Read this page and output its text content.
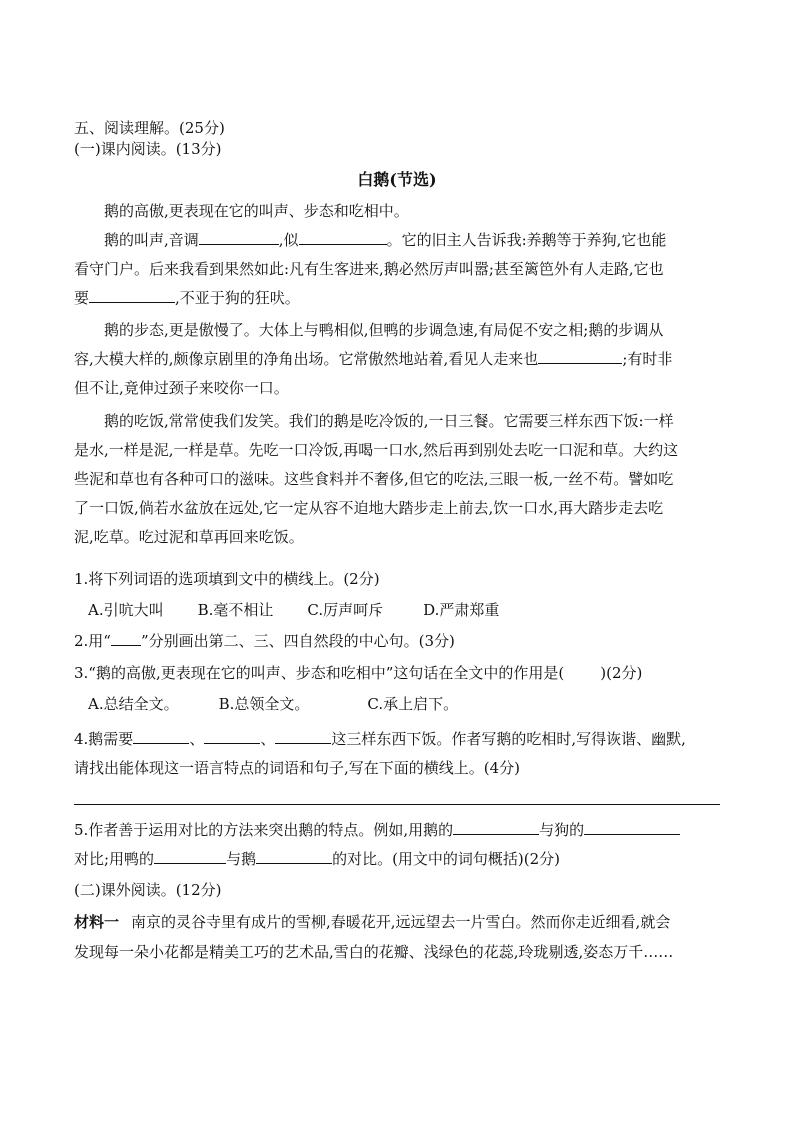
五、阅读理解。(25分)
(一)课内阅读。(13分)
白鹅(节选)
鹅的高傲,更表现在它的叫声、步态和吃相中。
鹅的叫声,音调	,似	。它的旧主人告诉我:养鹅等于养狗,它也能
看守门户。后来我看到果然如此:凡有生客进来,鹅必然厉声叫嚣;甚至篱笆外有人走路,它也
要	,不亚于狗的狂吠。
鹅的步态,更是傲慢了。大体上与鸭相似,但鸭的步调急速,有局促不安之相;鹅的步调从
容,大模大样的,颇像京剧里的净角出场。它常傲然地站着,看见人走来也	;有时非
但不让,竟伸过颈子来咬你一口。
鹅的吃饭,常常使我们发笑。我们的鹅是吃冷饭的,一日三餐。它需要三样东西下饭:一样
是水,一样是泥,一样是草。先吃一口冷饭,再喝一口水,然后再到别处去吃一口泥和草。大约这
些泥和草也有各种可口的滋味。这些食料并不奢侈,但它的吃法,三眼一板,一丝不苟。譬如吃
了一口饭,倘若水盆放在远处,它一定从容不迫地大踏步走上前去,饮一口水,再大踏步走去吃
泥,吃草。吃过泥和草再回来吃饭。
1.将下列词语的选项填到文中的横线上。(2分)
A.引吭大叫 B.毫不相让 C.厉声呵斥	D.严肃郑重
2.用“ ”分别画出第二、三、四自然段的中心句。(3分)
3.“鹅的高傲,更表现在它的叫声、步态和吃相中”这句话在全文中的作用是( )(2分)
A.总结全文。	B.总领全文。	C.承上启下。
4.鹅需要	、	、	这三样东西下饭。作者写鹅的吃相时,写得诙谐、幽默,
请找出能体现这一语言特点的词语和句子,写在下面的横线上。(4分)
5.作者善于运用对比的方法来突出鹅的特点。例如,用鹅的	与狗的
对比;用鸭的	与鹅	的对比。(用文中的词句概括)(2分)
(二)课外阅读。(12分)
材料一 南京的灵谷寺里有成片的雪柳,春暖花开,远远望去一片雪白。然而你走近细看,就会
发现每一朵小花都是精美工巧的艺术品,雪白的花瓣、浅绿色的花蕊,玲珑剔透,姿态万千……
